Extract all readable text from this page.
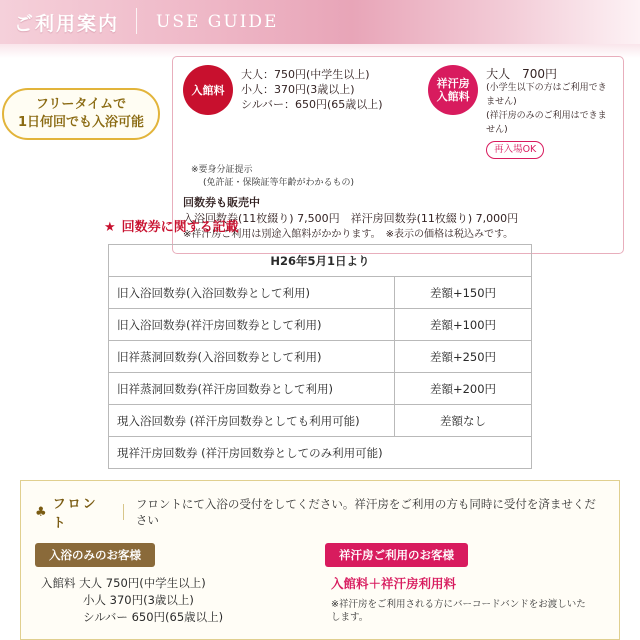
ご利用案内 USE GUIDE
フリータイムで
1日何回でも入浴可能
入館料
大人：750円(中学生以上)
小人：370円(3歳以上)
シルバー：650円(65歳以上)
祥汗房
入館料
大人　700円
(小学生以下の方はご利用できません)
(祥汗房のみのご利用はできません)
再入場OK
※要身分証提示
(免許証・保険証等年齢がわかるもの)
回数券も販売中
入浴回数券(11枚綴り) 7,500円　祥汗房回数券(11枚綴り) 7,000円
※祥汗房ご利用は別途入館料がかかります。　※表示の価格は税込みです。
★ 回数券に関する記載
H26年5月1日より	
旧入浴回数券(入浴回数券として利用)	差額+150円
旧入浴回数券(祥汗房回数券として利用)	差額+100円
旧祥蒸洞回数券(入浴回数券として利用)	差額+250円
旧祥蒸洞回数券(祥汗房回数券として利用)	差額+200円
現入浴回数券 (祥汗房回数券としても利用可能)	差額なし
現祥汗房回数券 (祥汗房回数券としてのみ利用可能)	
♣ フロント
フロントにて入浴の受付をしてください。祥汗房をご利用の方も同時に受付を済ませください
入浴のみのお客様
入館料 大人 750円(中学生以上)
小人 370円(3歳以上)
シルバー 650円(65歳以上)
祥汗房ご利用のお客様
入館料＋祥汗房利用料
※祥汗房をご利用される方にバーコードバンドをお渡しいたします。
